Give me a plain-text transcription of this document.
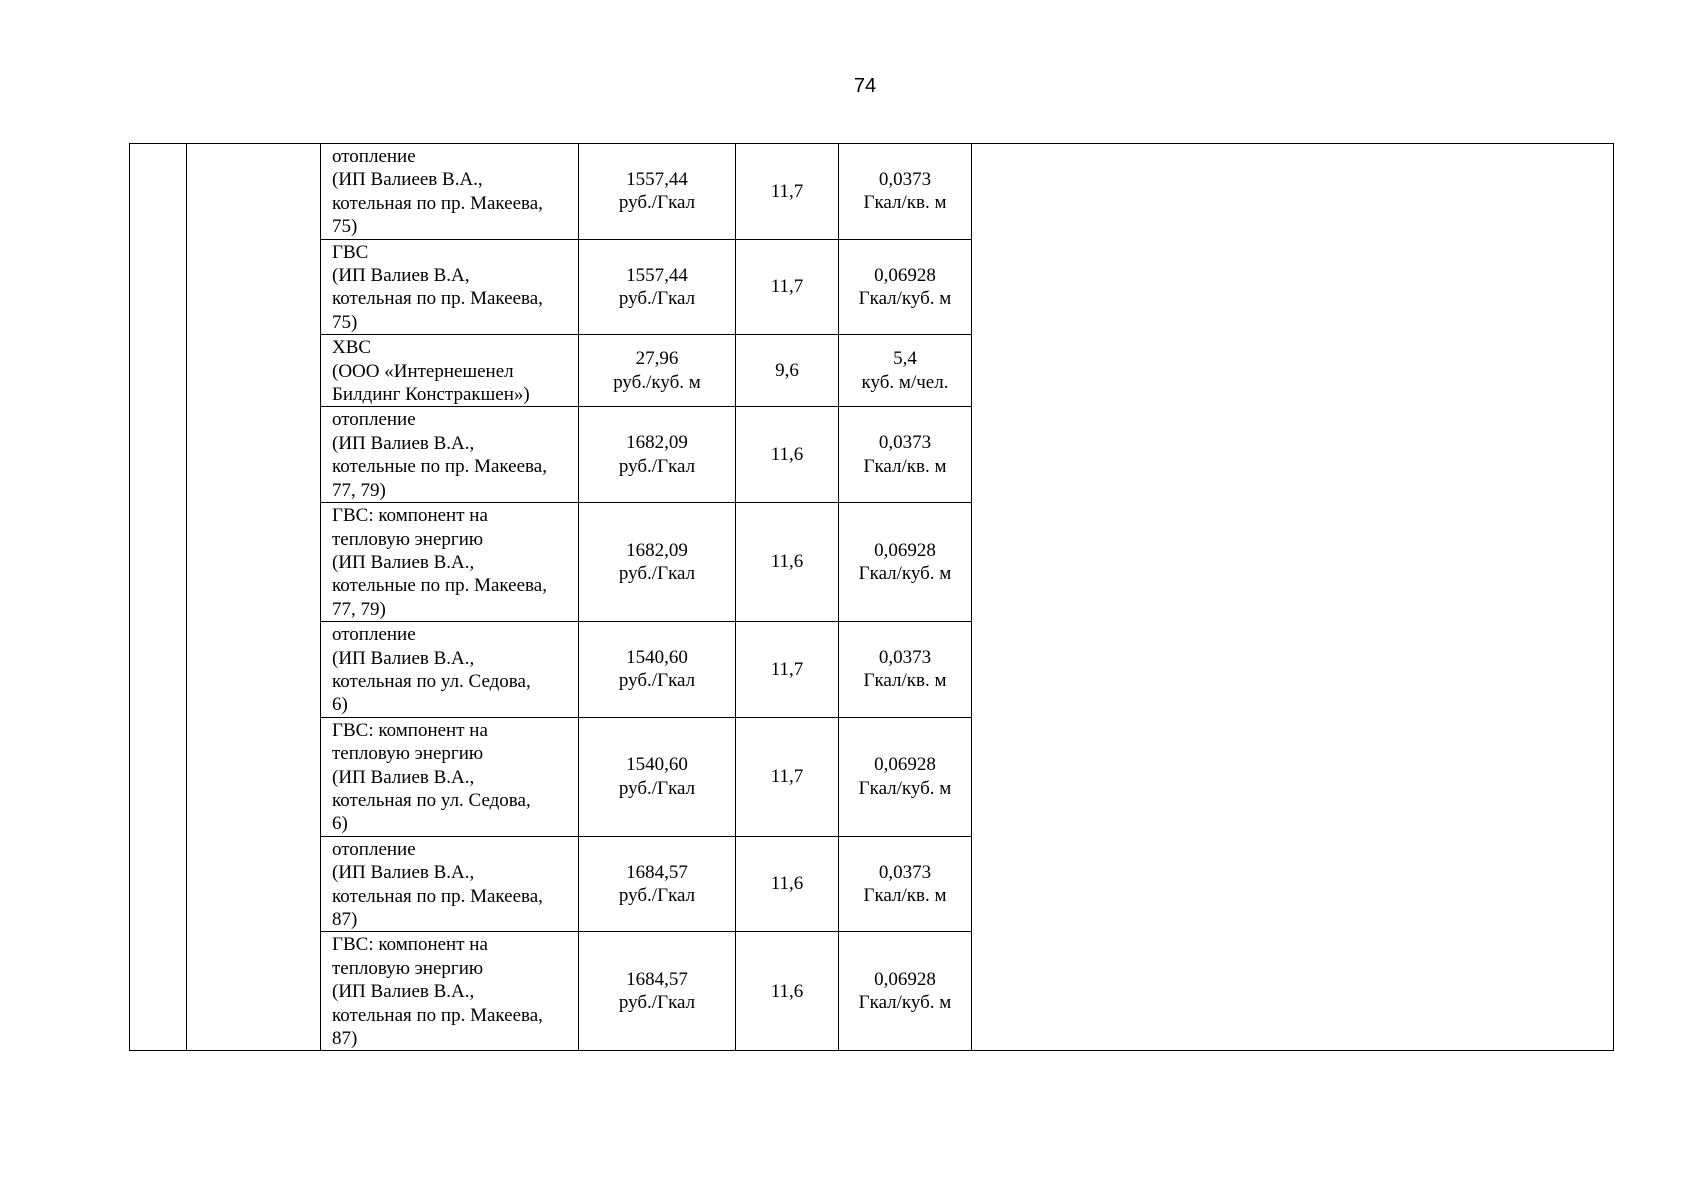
74
		отопление
(ИП Валиеев В.А.,
котельная по пр. Макеева,
75)	1557,44
руб./Гкал	11,7	0,0373
Гкал/кв. м	
		ГВС
(ИП Валиев В.А,
котельная по пр. Макеева,
75)	1557,44
руб./Гкал	11,7	0,06928
Гкал/куб. м	
		ХВС
(ООО «Интернешенел
Билдинг Констракшен»)	27,96
руб./куб. м	9,6	5,4
куб. м/чел.	
		отопление
(ИП Валиев В.А.,
котельные по пр. Макеева,
77, 79)	1682,09
руб./Гкал	11,6	0,0373
Гкал/кв. м	
		ГВС: компонент на
тепловую энергию
(ИП Валиев В.А.,
котельные по пр. Макеева,
77, 79)	1682,09
руб./Гкал	11,6	0,06928
Гкал/куб. м	
		отопление
(ИП Валиев В.А.,
котельная по ул. Седова,
6)	1540,60
руб./Гкал	11,7	0,0373
Гкал/кв. м	
		ГВС: компонент на
тепловую энергию
(ИП Валиев В.А.,
котельная по ул. Седова,
6)	1540,60
руб./Гкал	11,7	0,06928
Гкал/куб. м	
		отопление
(ИП Валиев В.А.,
котельная по пр. Макеева,
87)	1684,57
руб./Гкал	11,6	0,0373
Гкал/кв. м	
		ГВС: компонент на
тепловую энергию
(ИП Валиев В.А.,
котельная по пр. Макеева,
87)	1684,57
руб./Гкал	11,6	0,06928
Гкал/куб. м	
